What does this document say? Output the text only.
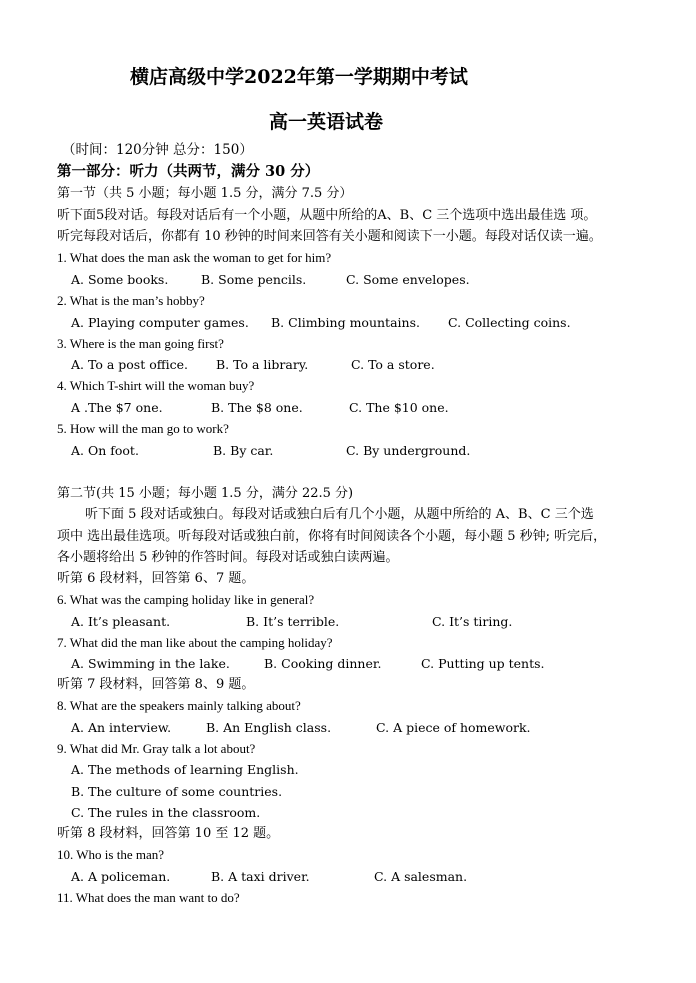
横店高级中学2022年第一学期期中考试
高一英语试卷
（时间：120分钟 总分：150）
第一部分：听力（共两节，满分 30 分）
第一节（共 5 小题；每小题 1.5 分，满分 7.5 分）
听下面5段对话。每段对话后有一个小题，从题中所给的A、B、C 三个选项中选出最佳选 项。
听完每段对话后，你都有 10 秒钟的时间来回答有关小题和阅读下一小题。每段对话仅读一遍。
1. What does the man ask the woman to get for him?
A. Some books.	B. Some pencils.	C. Some envelopes.
2. What is the man’s hobby?
A. Playing computer games. B. Climbing mountains. C. Collecting coins.
3. Where is the man going first?
A. To a post office. B. To a library.	C. To a store.
4. Which T-shirt will the woman buy?
A .The $7 one.	B. The $8 one.	C. The $10 one.
5. How will the man go to work?
A. On foot.	B. By car.	C. By underground.
第二节(共 15 小题；每小题 1.5 分，满分 22.5 分)
听下面 5 段对话或独白。每段对话或独白后有几个小题，从题中所给的 A、B、C 三个选
项中 选出最佳选项。听每段对话或独白前，你将有时间阅读各个小题，每小题 5 秒钟; 听完后，
各小题将给出 5 秒钟的作答时间。每段对话或独白读两遍。
听第 6 段材料，回答第 6、7 题。
6. What was the camping holiday like in general?
A. It’s pleasant.	B. It’s terrible.	C. It’s tiring.
7. What did the man like about the camping holiday?
A. Swimming in the lake.	B. Cooking dinner.	C. Putting up tents.
听第 7 段材料，回答第 8、9 题。
8. What are the speakers mainly talking about?
A. An interview.	B. An English class.	C. A piece of homework.
9. What did Mr. Gray talk a lot about?
A. The methods of learning English.
B. The culture of some countries.
C. The rules in the classroom.
听第 8 段材料，回答第 10 至 12 题。
10. Who is the man?
A. A policeman.	B. A taxi driver.	C. A salesman.
11. What does the man want to do?
